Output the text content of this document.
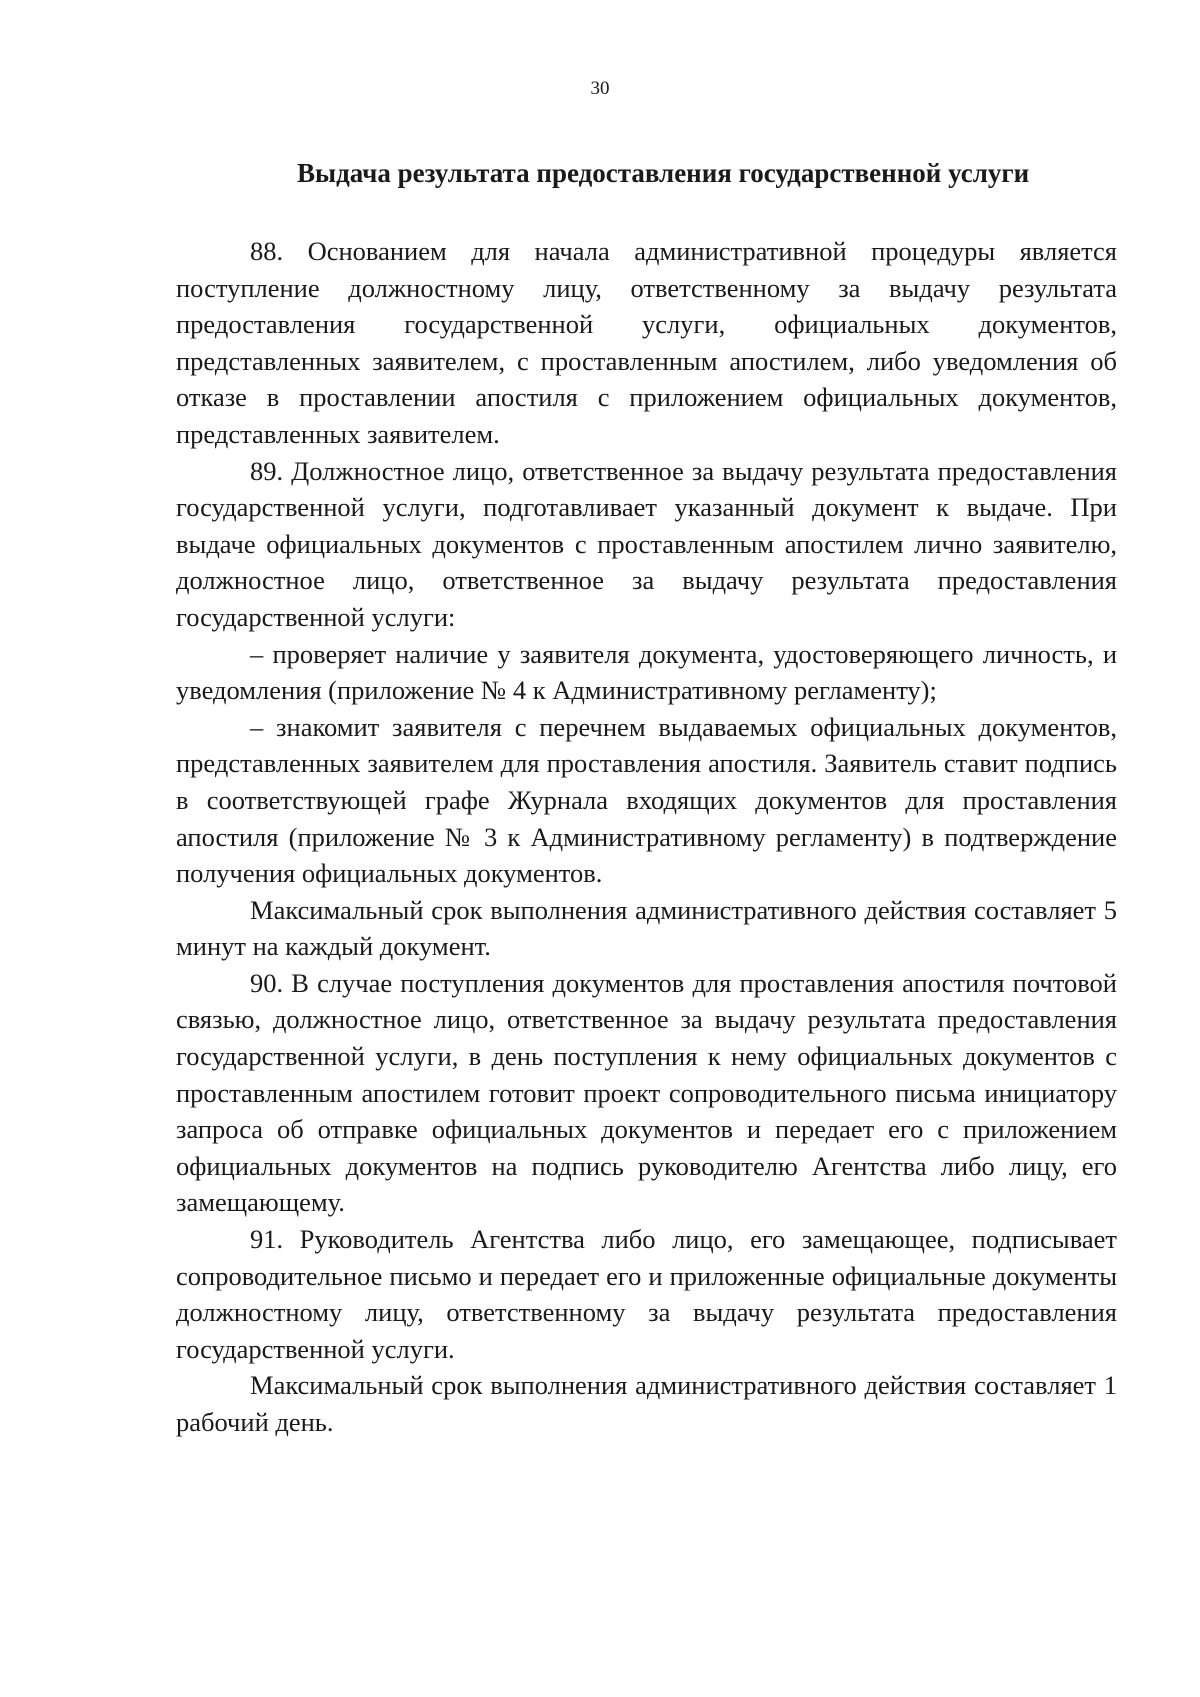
30
Выдача результата предоставления государственной услуги

88. Основанием для начала административной процедуры является поступление должностному лицу, ответственному за выдачу результата предоставления государственной услуги, официальных документов, представленных заявителем, с проставленным апостилем, либо уведомления об отказе в проставлении апостиля с приложением официальных документов, представленных заявителем.

89. Должностное лицо, ответственное за выдачу результата предоставления государственной услуги, подготавливает указанный документ к выдаче. При выдаче официальных документов с проставленным апостилем лично заявителю, должностное лицо, ответственное за выдачу результата предоставления государственной услуги:

– проверяет наличие у заявителя документа, удостоверяющего личность, и уведомления (приложение № 4 к Административному регламенту);

– знакомит заявителя с перечнем выдаваемых официальных документов, представленных заявителем для проставления апостиля. Заявитель ставит подпись в соответствующей графе Журнала входящих документов для проставления апостиля (приложение № 3 к Административному регламенту) в подтверждение получения официальных документов.

Максимальный срок выполнения административного действия составляет 5 минут на каждый документ.

90. В случае поступления документов для проставления апостиля почтовой связью, должностное лицо, ответственное за выдачу результата предоставления государственной услуги, в день поступления к нему официальных документов с проставленным апостилем готовит проект сопроводительного письма инициатору запроса об отправке официальных документов и передает его с приложением официальных документов на подпись руководителю Агентства либо лицу, его замещающему.

91. Руководитель Агентства либо лицо, его замещающее, подписывает сопроводительное письмо и передает его и приложенные официальные документы должностному лицу, ответственному за выдачу результата предоставления государственной услуги.

Максимальный срок выполнения административного действия составляет 1 рабочий день.
